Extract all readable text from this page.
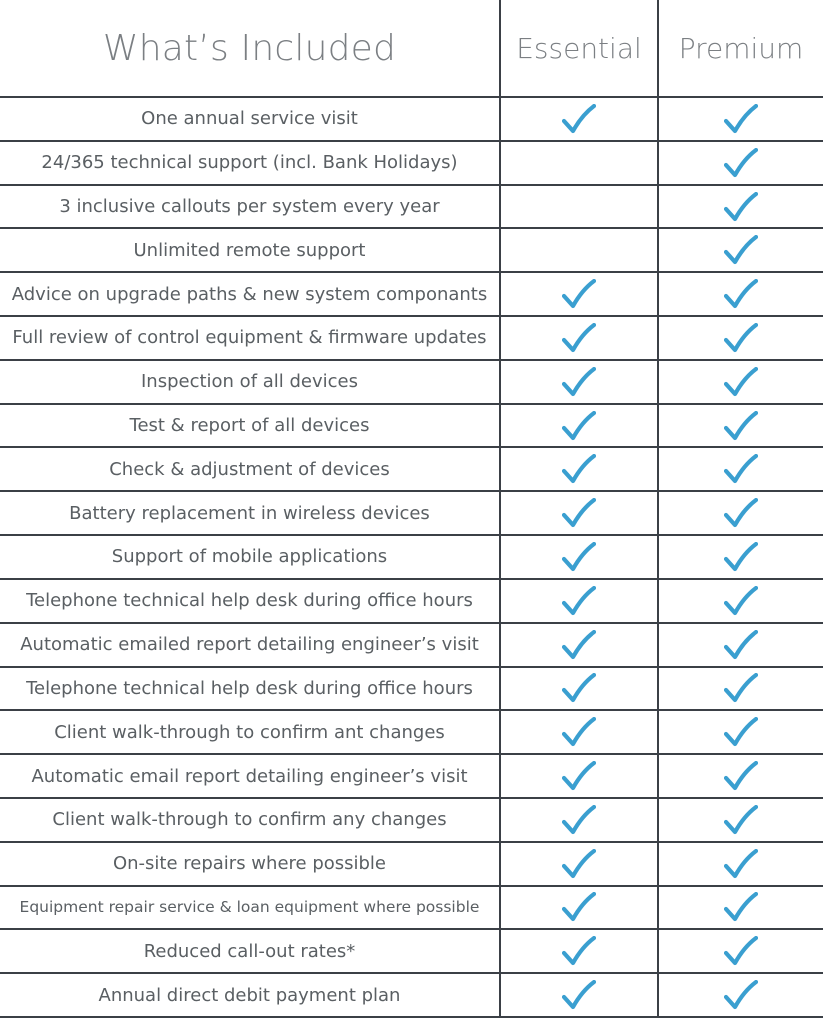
What’s Included	Essential	Premium
One annual service visit
24/365 technical support (incl. Bank Holidays)
3 inclusive callouts per system every year
Unlimited remote support
Advice on upgrade paths & new system componants
Full review of control equipment & firmware updates
Inspection of all devices
Test & report of all devices
Check & adjustment of devices
Battery replacement in wireless devices
Support of mobile applications
Telephone technical help desk during office hours
Automatic emailed report detailing engineer’s visit
Telephone technical help desk during office hours
Client walk-through to confirm ant changes
Automatic email report detailing engineer’s visit
Client walk-through to confirm any changes
On-site repairs where possible
Equipment repair service & loan equipment where possible
Reduced call-out rates*
Annual direct debit payment plan
